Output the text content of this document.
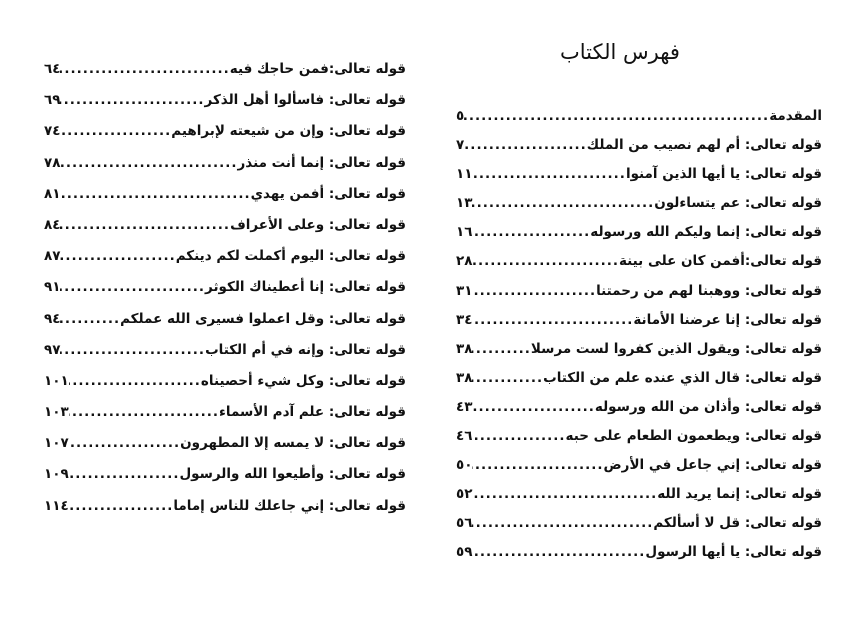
فهرس الكتاب
المقدمة
.....
٥
قوله تعالى: أم لهم نصيب من الملك
.....
٧
قوله تعالى: يا أيها الذين آمنوا
.....
١١
قوله تعالى: عم يتساءلون
.....
١٣
قوله تعالى: إنما وليكم الله ورسوله
.....
١٦
قوله تعالى:أفمن كان على بينة
.....
٢٨
قوله تعالى: ووهبنا لهم من رحمتنا
.....
٣١
قوله تعالى: إنا عرضنا الأمانة
.....
٣٤
قوله تعالى: ويقول الذين كفروا لست مرسلا
.....
٣٨
قوله تعالى: قال الذي عنده علم من الكتاب
.....
٣٨
قوله تعالى: وأذان من الله ورسوله
.....
٤٣
قوله تعالى: ويطعمون الطعام على حبه
.....
٤٦
قوله تعالى: إني جاعل في الأرض
.....
٥٠
قوله تعالى: إنما يريد الله
.....
٥٢
قوله تعالى: قل لا أسألكم
.....
٥٦
قوله تعالى: يا أيها الرسول
.....
٥٩
قوله تعالى:فمن حاجك فيه
.....
٦٤
قوله تعالى: فاسألوا أهل الذكر
.....
٦٩
قوله تعالى: وإن من شيعته لإبراهيم
.....
٧٤
قوله تعالى: إنما أنت منذر
.....
٧٨
قوله تعالى: أفمن يهدي
.....
٨١
قوله تعالى: وعلى الأعراف
.....
٨٤
قوله تعالى: اليوم أكملت لكم دينكم
.....
٨٧
قوله تعالى: إنا أعطيناك الكوثر
.....
٩١
قوله تعالى: وقل اعملوا فسيرى الله عملكم
.....
٩٤
قوله تعالى: وإنه في أم الكتاب
.....
٩٧
قوله تعالى: وكل شيء أحصيناه
.....
١٠١
قوله تعالى: علم آدم الأسماء
.....
١٠٣
قوله تعالى: لا يمسه إلا المطهرون
.....
١٠٧
قوله تعالى: وأطيعوا الله والرسول
.....
١٠٩
قوله تعالى: إني جاعلك للناس إماما
.....
١١٤
